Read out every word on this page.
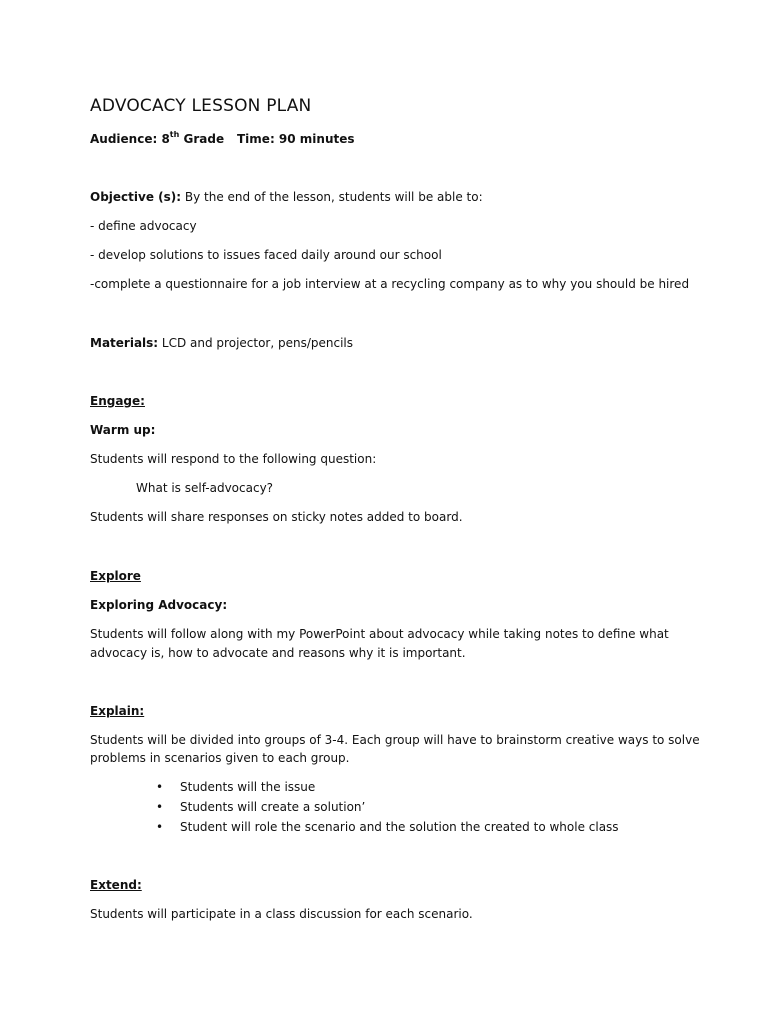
ADVOCACY LESSON PLAN
Audience: 8th Grade Time: 90 minutes
Objective (s): By the end of the lesson, students will be able to:
- define advocacy
- develop solutions to issues faced daily around our school
-complete a questionnaire for a job interview at a recycling company as to why you should be hired
Materials: LCD and projector, pens/pencils
Engage:
Warm up:
Students will respond to the following question:
What is self-advocacy?
Students will share responses on sticky notes added to board.
Explore
Exploring Advocacy:
Students will follow along with my PowerPoint about advocacy while taking notes to define what
advocacy is, how to advocate and reasons why it is important.
Explain:
Students will be divided into groups of 3-4. Each group will have to brainstorm creative ways to solve
problems in scenarios given to each group.
• Students will the issue
• Students will create a solution’
• Student will role the scenario and the solution the created to whole class
Extend:
Students will participate in a class discussion for each scenario.
